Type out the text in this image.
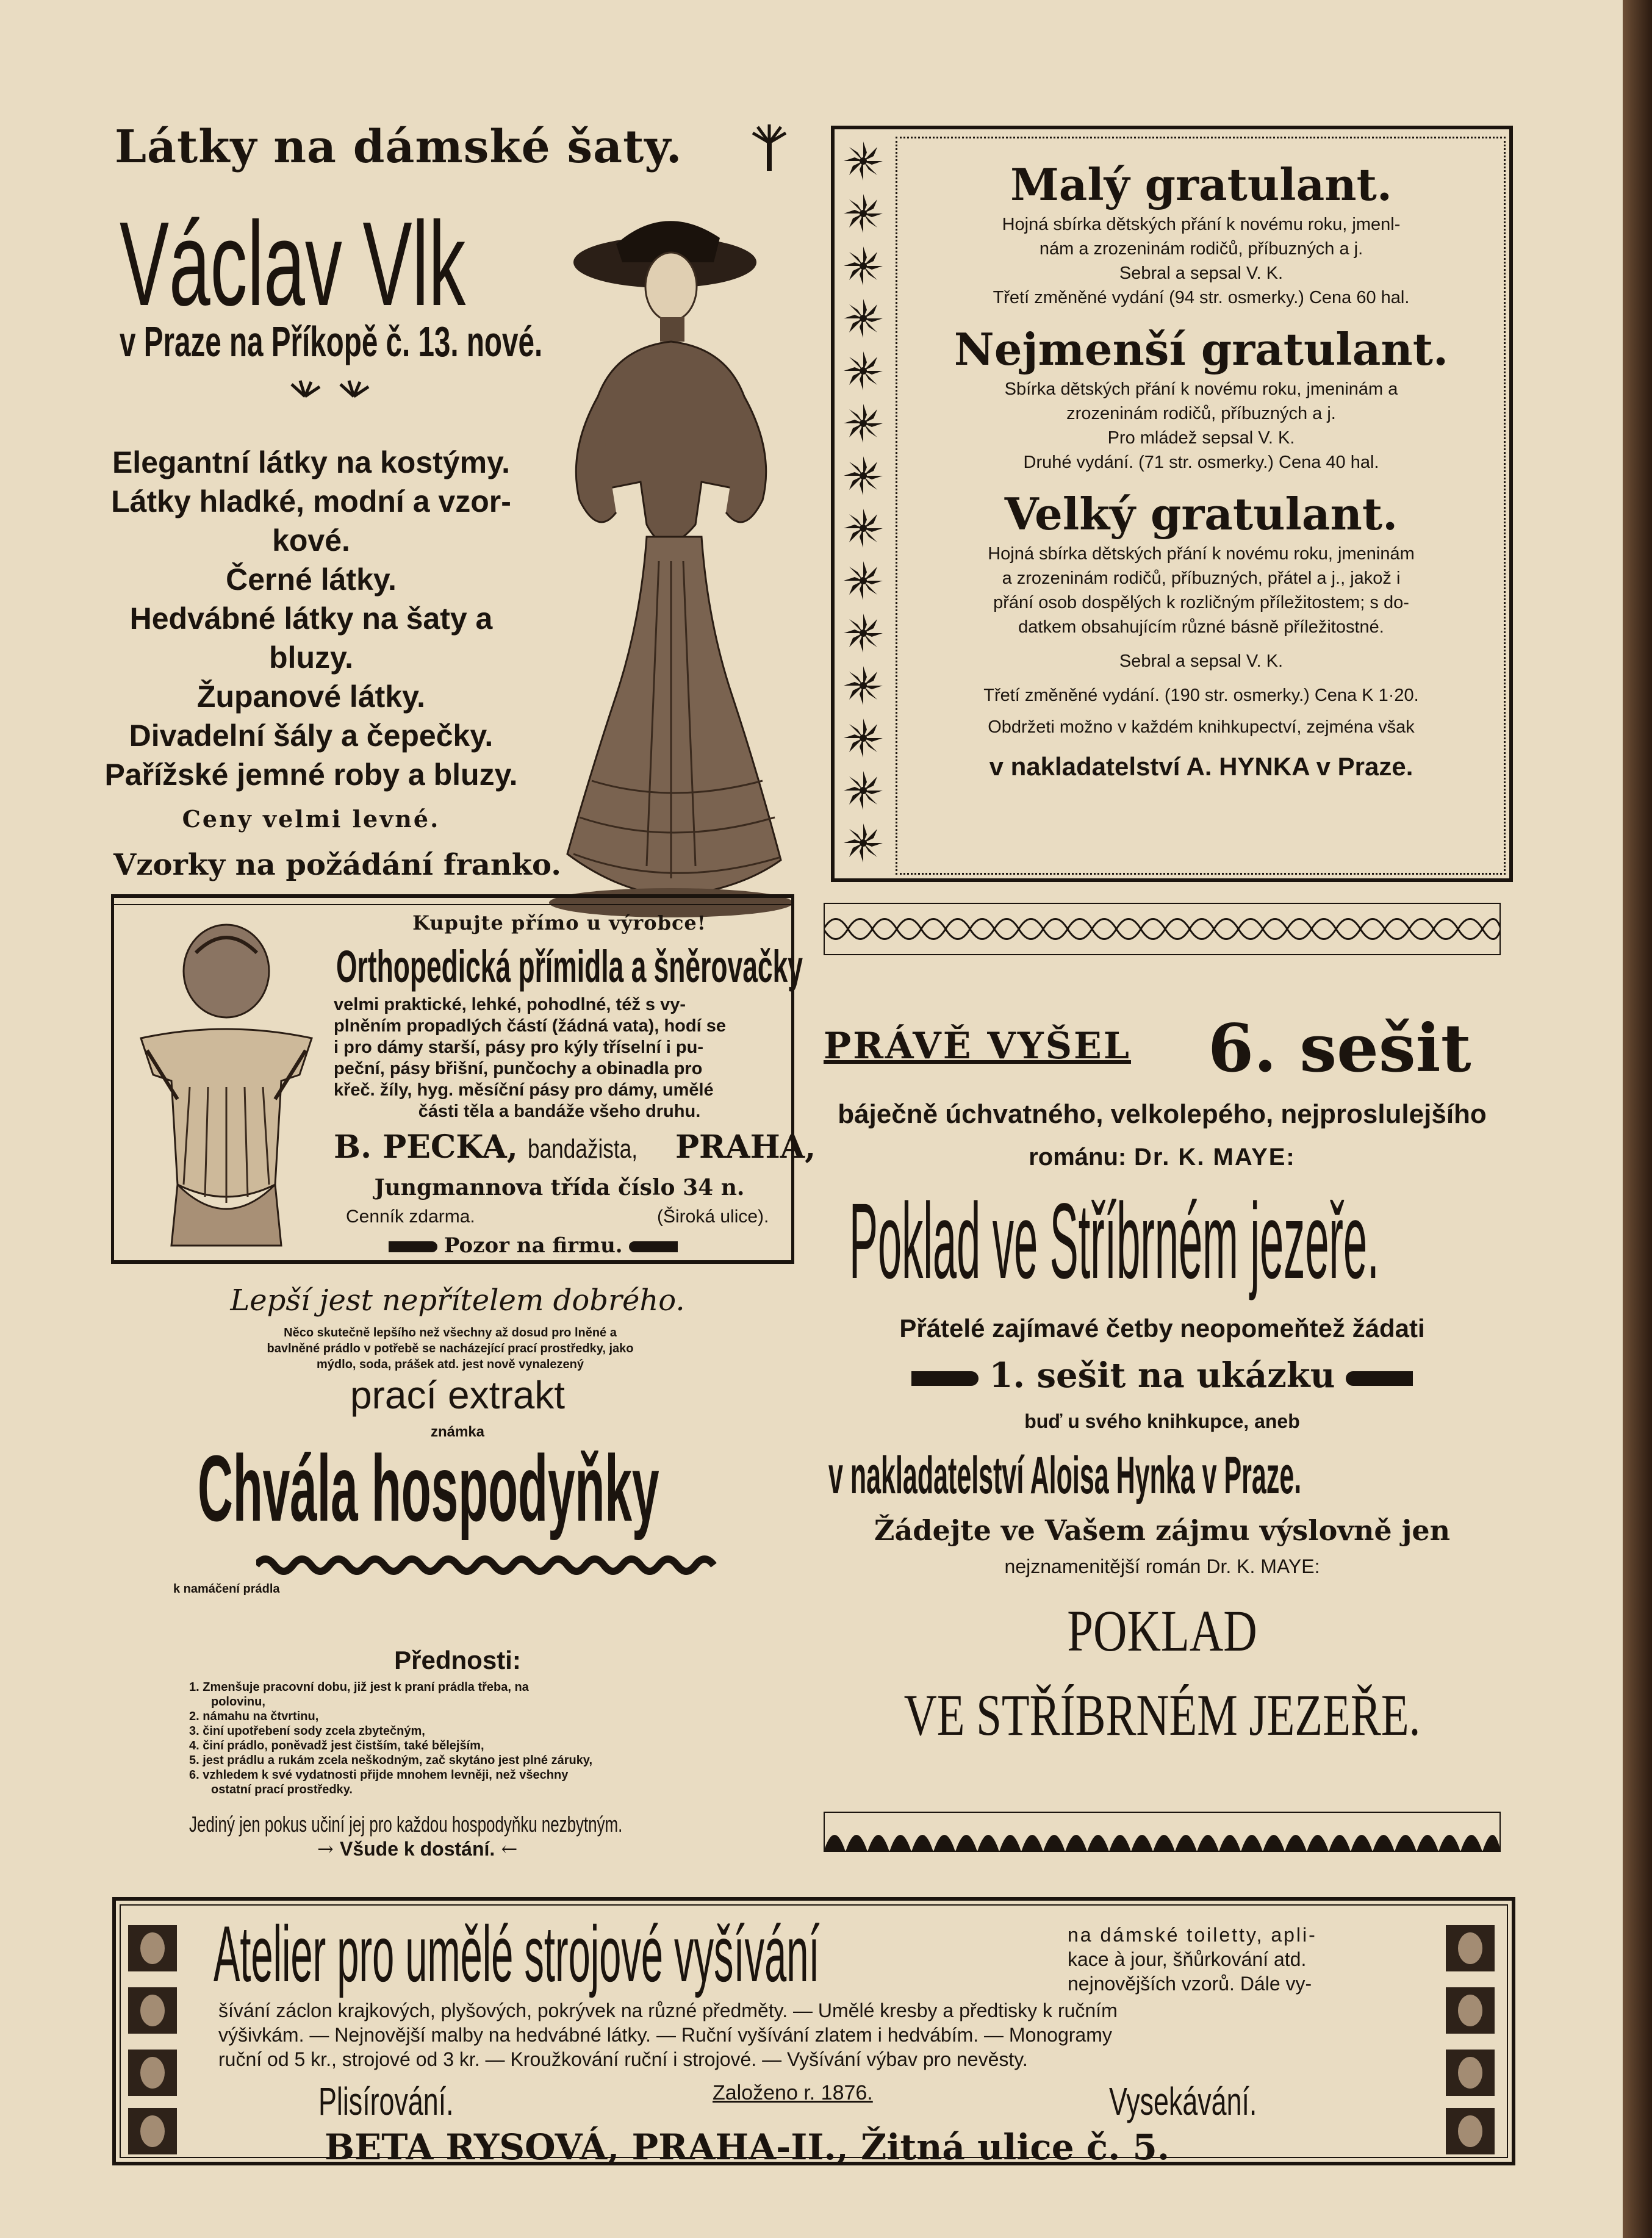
Látky na dámské šaty.
Václav Vlk
v Praze na Příkopě č. 13. nové.
Elegantní látky na kostýmy.
Látky hladké, modní a vzor-
kové.
Černé látky.
Hedvábné látky na šaty a
bluzy.
Županové látky.
Divadelní šály a čepečky.
Pařížské jemné roby a bluzy.
Ceny velmi levné.
Vzorky na požádání franko.
Malý gratulant.
Hojná sbírka dětských přání k novému roku, jmenl-
nám a zrozeninám rodičů, příbuzných a j.
Sebral a sepsal V. K.
Třetí změněné vydání (94 str. osmerky.) Cena 60 hal.
Nejmenší gratulant.
Sbírka dětských přání k novému roku, jmeninám a
zrozeninám rodičů, příbuzných a j.
Pro mládež sepsal V. K.
Druhé vydání. (71 str. osmerky.) Cena 40 hal.
Velký gratulant.
Hojná sbírka dětských přání k novému roku, jmeninám
a zrozeninám rodičů, příbuzných, přátel a j., jakož i
přání osob dospělých k rozličným příležitostem; s do-
datkem obsahujícím různé básně příležitostné.
Sebral a sepsal V. K.
Třetí změněné vydání. (190 str. osmerky.) Cena K 1·20.
Obdržeti možno v každém knihkupectví, zejména však
v nakladatelství A. HYNKA v Praze.
Kupujte přímo u výrobce!
Orthopedická přímidla a šněrovačky
velmi praktické, lehké, pohodlné, též s vy-
plněním propadlých částí (žádná vata), hodí se
i pro dámy starší, pásy pro kýly tříselní i pu-
peční, pásy břišní, punčochy a obinadla pro
křeč. žíly, hyg. měsíční pásy pro dámy, umělé
části těla a bandáže všeho druhu.
B. PECKA, bandažista, PRAHA,
Jungmannova třída číslo 34 n.
Cenník zdarma.	(Široká ulice).
Pozor na firmu.
Lepší jest nepřítelem dobrého.
Něco skutečně lepšího než všechny až dosud pro lněné a
bavlněné prádlo v potřebě se nacházející prací prostředky, jako
mýdlo, soda, prášek atd. jest nově vynalezený
prací extrakt
známka
Chvála hospodyňky
k namáčení prádla
Přednosti:
1. Zmenšuje pracovní dobu, již jest k praní prádla třeba, na
polovinu,
2. námahu na čtvrtinu,
3. činí upotřebení sody zcela zbytečným,
4. činí prádlo, poněvadž jest čistším, také bělejším,
5. jest prádlu a rukám zcela neškodným, zač skytáno jest plné záruky,
6. vzhledem k své vydatnosti přijde mnohem levněji, než všechny
ostatní prací prostředky.
Jediný jen pokus učiní jej pro každou hospodyňku nezbytným.
→ Všude k dostání. ←
PRÁVĚ VYŠEL 6. sešit
báječně úchvatného, velkolepého, nejproslulejšího
románu: Dr. K. MAYE:
Poklad ve Stříbrném jezeře.
Přátelé zajímavé četby neopomeňtež žádati
1. sešit na ukázku
buď u svého knihkupce, aneb
v nakladatelství Aloisa Hynka v Praze.
Žádejte ve Vašem zájmu výslovně jen
nejznamenitější román Dr. K. MAYE:
POKLAD
VE STŘÍBRNÉM JEZEŘE.
Atelier pro umělé strojové vyšívání	na dámské toiletty, apli-
kace à jour, šňůrkování atd.
nejnovějších vzorů. Dále vy-
šívání záclon krajkových, plyšových, pokrývek na různé předměty. — Umělé kresby a předtisky k ručním
výšivkám. — Nejnovější malby na hedvábné látky. — Ruční vyšívání zlatem i hedvábím. — Monogramy
ruční od 5 kr., strojové od 3 kr. — Kroužkování ruční i strojové. — Vyšívání výbav pro nevěsty.
Plisírování.	Založeno r. 1876.	Vysekávání.
BETA RYSOVÁ, PRAHA-II., Žitná ulice č. 5.
